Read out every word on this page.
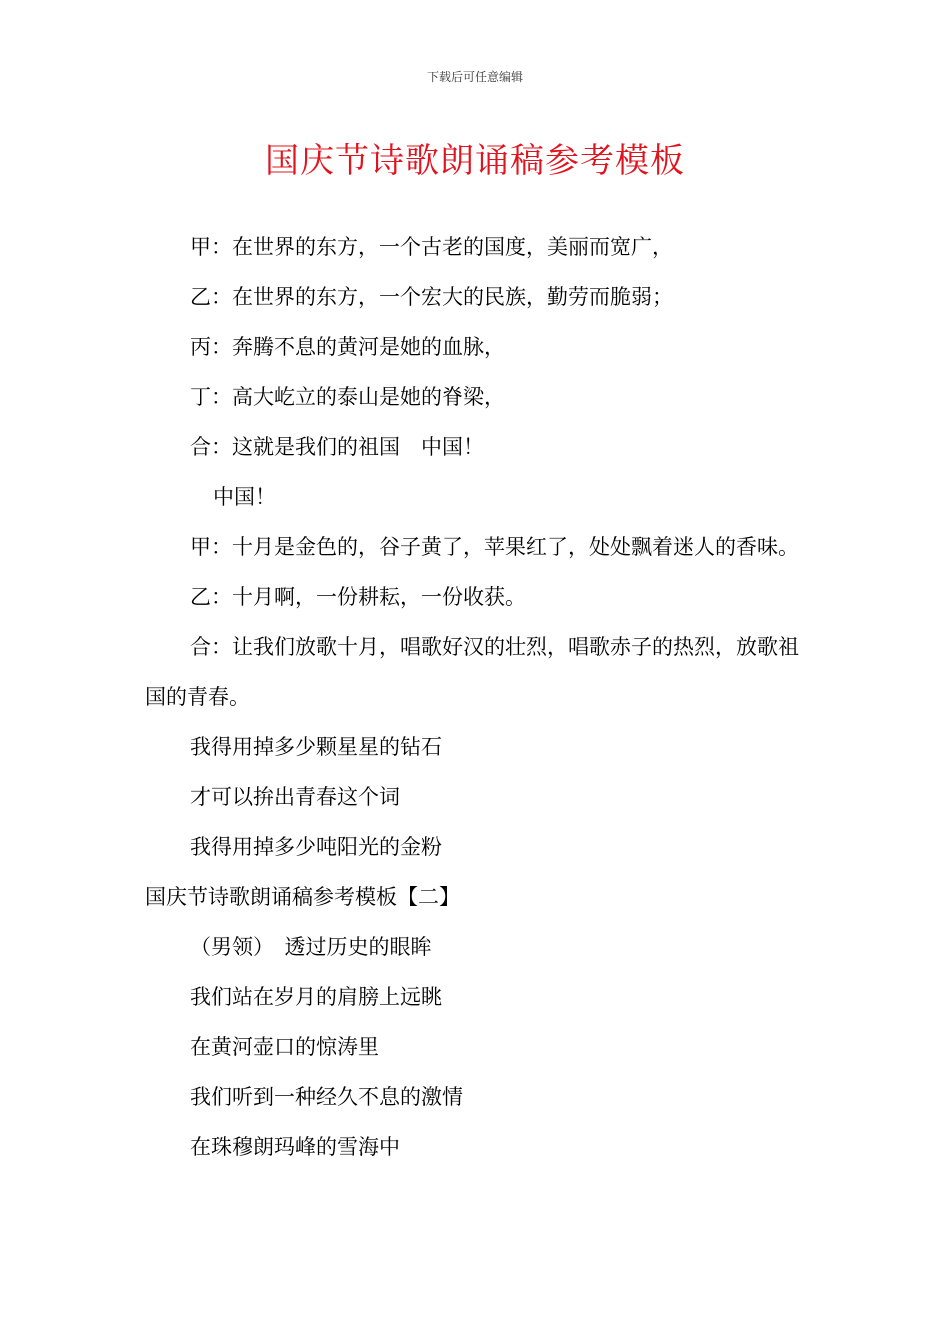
下载后可任意编辑
国庆节诗歌朗诵稿参考模板

甲：在世界的东方，一个古老的国度，美丽而宽广，

乙：在世界的东方，一个宏大的民族，勤劳而脆弱；

丙：奔腾不息的黄河是她的血脉，

丁：高大屹立的泰山是她的脊梁，

合：这就是我们的祖国　中国！

中国！

甲：十月是金色的，谷子黄了，苹果红了，处处飘着迷人的香味。

乙：十月啊，一份耕耘，一份收获。

合：让我们放歌十月，唱歌好汉的壮烈，唱歌赤子的热烈，放歌祖国的青春。

我得用掉多少颗星星的钻石

才可以拚出青春这个词

我得用掉多少吨阳光的金粉

国庆节诗歌朗诵稿参考模板【二】

（男领）　透过历史的眼眸

我们站在岁月的肩膀上远眺

在黄河壶口的惊涛里

我们听到一种经久不息的激情

在珠穆朗玛峰的雪海中
